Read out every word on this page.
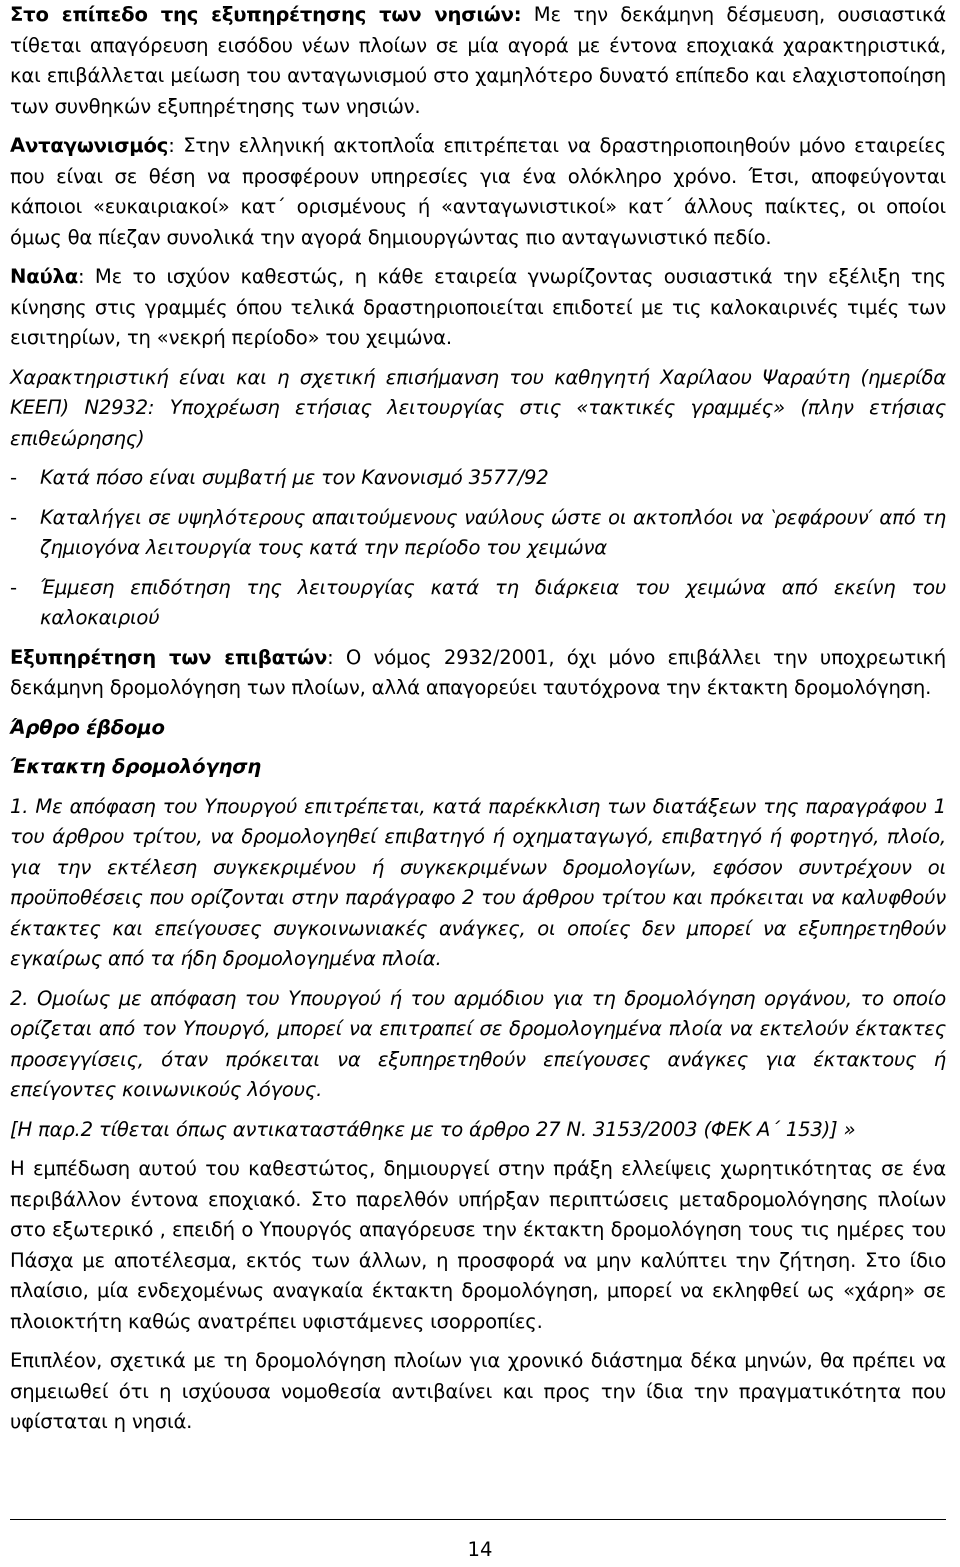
Στο επίπεδο της εξυπηρέτησης των νησιών: Με την δεκάμηνη δέσμευση, ουσιαστικά τίθεται απαγόρευση εισόδου νέων πλοίων σε μία αγορά με έντονα εποχιακά χαρακτηριστικά, και επιβάλλεται μείωση του ανταγωνισμού στο χαμηλότερο δυνατό επίπεδο και ελαχιστοποίηση των συνθηκών εξυπηρέτησης των νησιών.

Ανταγωνισμός: Στην ελληνική ακτοπλοΐα επιτρέπεται να δραστηριοποιηθούν μόνο εταιρείες που είναι σε θέση να προσφέρουν υπηρεσίες για ένα ολόκληρο χρόνο. Έτσι, αποφεύγονται κάποιοι «ευκαιριακοί» κατ΄ ορισμένους ή «ανταγωνιστικοί» κατ΄ άλλους παίκτες, οι οποίοι όμως θα πίεζαν συνολικά την αγορά δημιουργώντας πιο ανταγωνιστικό πεδίο.

Ναύλα: Με το ισχύον καθεστώς, η κάθε εταιρεία γνωρίζοντας ουσιαστικά την εξέλιξη της κίνησης στις γραμμές όπου τελικά δραστηριοποιείται επιδοτεί με τις καλοκαιρινές τιμές των εισιτηρίων, τη «νεκρή περίοδο» του χειμώνα.

Χαρακτηριστική είναι και η σχετική επισήμανση του καθηγητή Χαρίλαου Ψαραύτη (ημερίδα ΚΕΕΠ) Ν2932: Υποχρέωση ετήσιας λειτουργίας στις «τακτικές γραμμές» (πλην ετήσιας επιθεώρησης)

-	Κατά πόσο είναι συμβατή με τον Κανονισμό 3577/92
-	Καταλήγει σε υψηλότερους απαιτούμενους ναύλους ώστε οι ακτοπλόοι να ‵ρεφάρουν′ από τη ζημιογόνα λειτουργία τους κατά την περίοδο του χειμώνα
-	Έμμεση επιδότηση της λειτουργίας κατά τη διάρκεια του χειμώνα από εκείνη του καλοκαιριού

Εξυπηρέτηση των επιβατών: Ο νόμος 2932/2001, όχι μόνο επιβάλλει την υποχρεωτική δεκάμηνη δρομολόγηση των πλοίων, αλλά απαγορεύει ταυτόχρονα την έκτακτη δρομολόγηση.

Άρθρο έβδομο
Έκτακτη δρομολόγηση

1. Με απόφαση του Υπουργού επιτρέπεται, κατά παρέκκλιση των διατάξεων της παραγράφου 1 του άρθρου τρίτου, να δρομολογηθεί επιβατηγό ή οχηματαγωγό, επιβατηγό ή φορτηγό, πλοίο, για την εκτέλεση συγκεκριμένου ή συγκεκριμένων δρομολογίων, εφόσον συντρέχουν οι προϋποθέσεις που ορίζονται στην παράγραφο 2 του άρθρου τρίτου και πρόκειται να καλυφθούν έκτακτες και επείγουσες συγκοινωνιακές ανάγκες, οι οποίες δεν μπορεί να εξυπηρετηθούν εγκαίρως από τα ήδη δρομολογημένα πλοία.

2. Ομοίως με απόφαση του Υπουργού ή του αρμόδιου για τη δρομολόγηση οργάνου, το οποίο ορίζεται από τον Υπουργό, μπορεί να επιτραπεί σε δρομολογημένα πλοία να εκτελούν έκτακτες προσεγγίσεις, όταν πρόκειται να εξυπηρετηθούν επείγουσες ανάγκες για έκτακτους ή επείγοντες κοινωνικούς λόγους.

[Η παρ.2 τίθεται όπως αντικαταστάθηκε με το άρθρο 27 Ν. 3153/2003 (ΦΕΚ Α΄ 153)] »

Η εμπέδωση αυτού του καθεστώτος, δημιουργεί στην πράξη ελλείψεις χωρητικότητας σε ένα περιβάλλον έντονα εποχιακό. Στο παρελθόν υπήρξαν περιπτώσεις μεταδρομολόγησης πλοίων στο εξωτερικό , επειδή ο Υπουργός απαγόρευσε την έκτακτη δρομολόγηση τους τις ημέρες του Πάσχα με αποτέλεσμα, εκτός των άλλων, η προσφορά να μην καλύπτει την ζήτηση. Στο ίδιο πλαίσιο, μία ενδεχομένως αναγκαία έκτακτη δρομολόγηση, μπορεί να εκληφθεί ως «χάρη» σε πλοιοκτήτη καθώς ανατρέπει υφιστάμενες ισορροπίες.

Επιπλέον, σχετικά με τη δρομολόγηση πλοίων για χρονικό διάστημα δέκα μηνών, θα πρέπει να σημειωθεί ότι η ισχύουσα νομοθεσία αντιβαίνει και προς την ίδια την πραγματικότητα που υφίσταται η νησιά.

14
